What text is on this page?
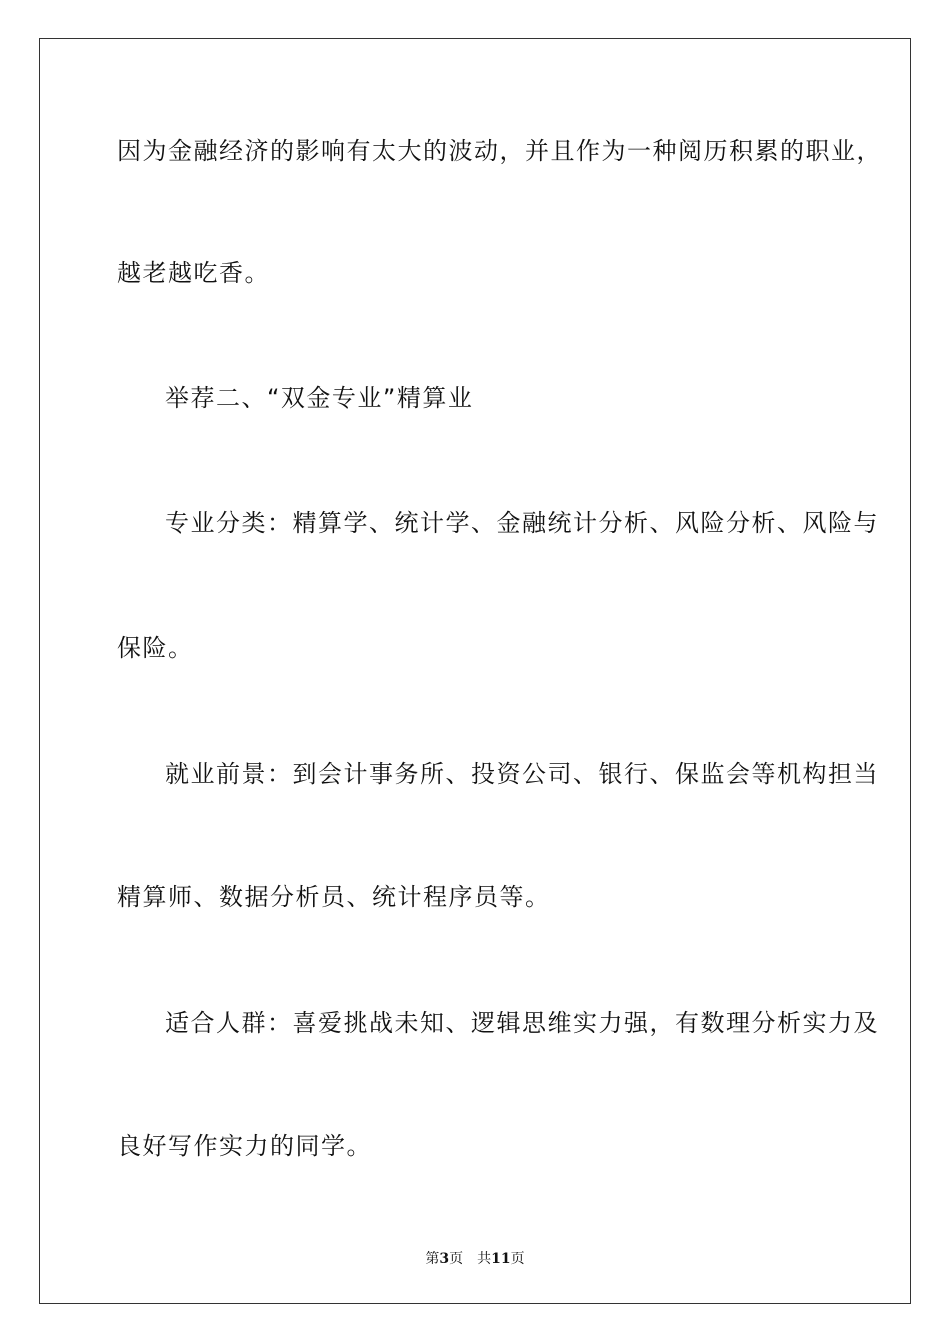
因为金融经济的影响有太大的波动，并且作为一种阅历积累的职业，
越老越吃香。
举荐二、“双金专业”精算业
专业分类：精算学、统计学、金融统计分析、风险分析、风险与
保险。
就业前景：到会计事务所、投资公司、银行、保监会等机构担当
精算师、数据分析员、统计程序员等。
适合人群：喜爱挑战未知、逻辑思维实力强，有数理分析实力及
良好写作实力的同学。
第3页 共11页
